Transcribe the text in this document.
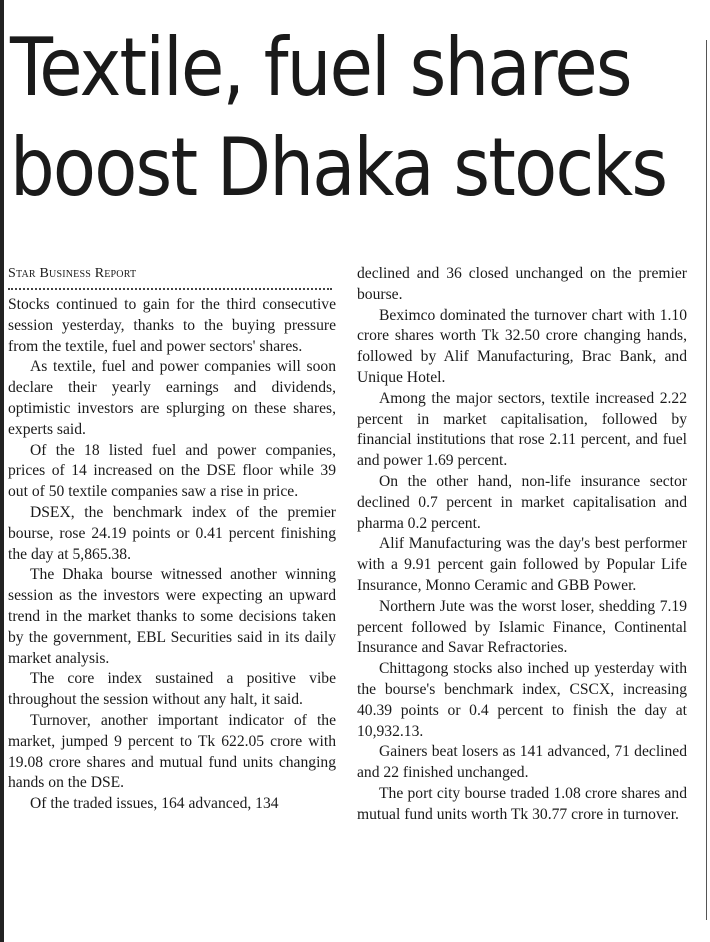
Textile, fuel shares
boost Dhaka stocks
Star Business Report

Stocks continued to gain for the third consecutive session yesterday, thanks to the buying pressure from the textile, fuel and power sectors' shares.

As textile, fuel and power companies will soon declare their yearly earnings and dividends, optimistic investors are splurging on these shares, experts said.

Of the 18 listed fuel and power companies, prices of 14 increased on the DSE floor while 39 out of 50 textile companies saw a rise in price.

DSEX, the benchmark index of the premier bourse, rose 24.19 points or 0.41 percent finishing the day at 5,865.38.

The Dhaka bourse witnessed another winning session as the investors were expecting an upward trend in the market thanks to some decisions taken by the government, EBL Securities said in its daily market analysis.

The core index sustained a positive vibe throughout the session without any halt, it said.

Turnover, another important indicator of the market, jumped 9 percent to Tk 622.05 crore with 19.08 crore shares and mutual fund units changing hands on the DSE.

Of the traded issues, 164 advanced, 134

declined and 36 closed unchanged on the premier bourse.

Beximco dominated the turnover chart with 1.10 crore shares worth Tk 32.50 crore changing hands, followed by Alif Manufacturing, Brac Bank, and Unique Hotel.

Among the major sectors, textile increased 2.22 percent in market capitalisation, followed by financial institutions that rose 2.11 percent, and fuel and power 1.69 percent.

On the other hand, non-life insurance sector declined 0.7 percent in market capitalisation and pharma 0.2 percent.

Alif Manufacturing was the day's best performer with a 9.91 percent gain followed by Popular Life Insurance, Monno Ceramic and GBB Power.

Northern Jute was the worst loser, shedding 7.19 percent followed by Islamic Finance, Continental Insurance and Savar Refractories.

Chittagong stocks also inched up yesterday with the bourse's benchmark index, CSCX, increasing 40.39 points or 0.4 percent to finish the day at 10,932.13.

Gainers beat losers as 141 advanced, 71 declined and 22 finished unchanged.

The port city bourse traded 1.08 crore shares and mutual fund units worth Tk 30.77 crore in turnover.
